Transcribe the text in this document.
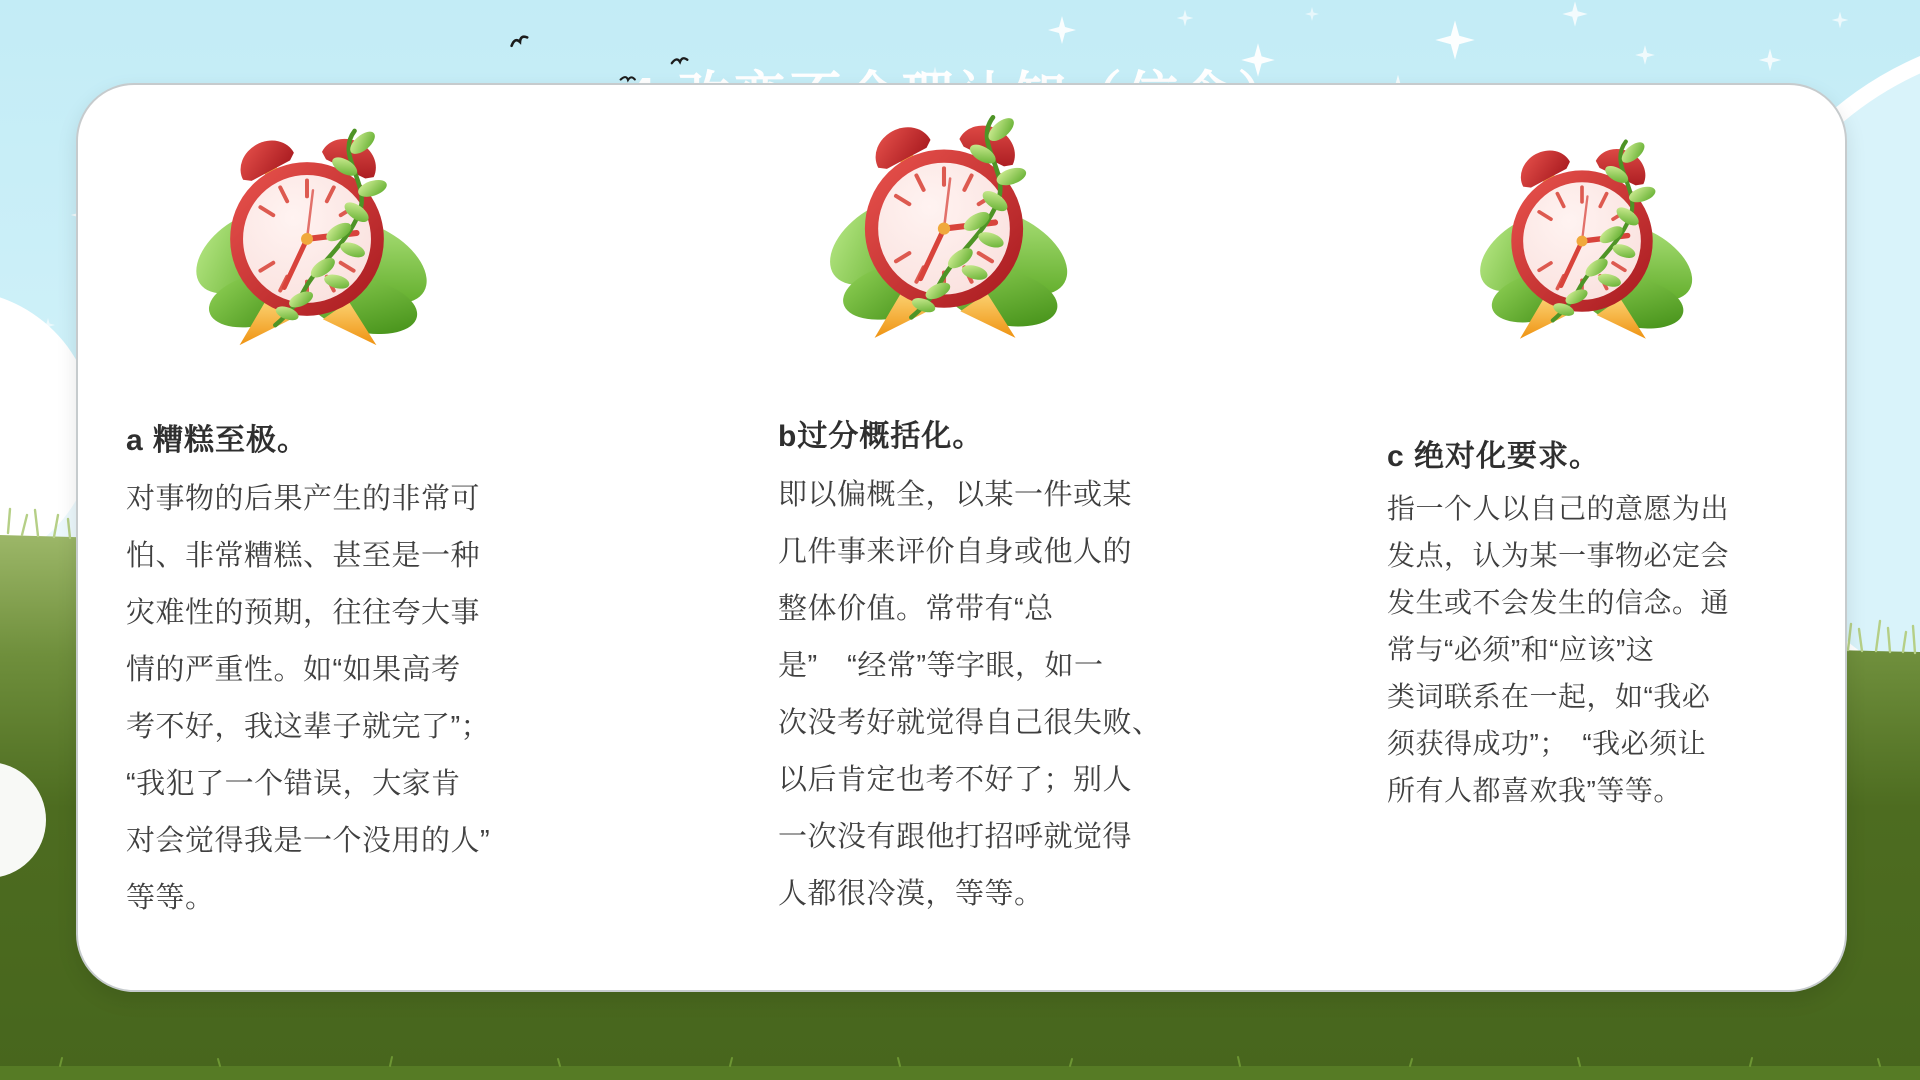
a 糟糕至极。
对事物的后果产生的非常可
怕、非常糟糕、甚至是一种
灾难性的预期，往往夸大事
情的严重性。如“如果高考
考不好，我这辈子就完了”；
“我犯了一个错误，大家肯
对会觉得我是一个没用的人”
等等。
b过分概括化。
即以偏概全，以某一件或某
几件事来评价自身或他人的
整体价值。常带有“总
是”　“经常”等字眼，如一
次没考好就觉得自己很失败、
以后肯定也考不好了；别人
一次没有跟他打招呼就觉得
人都很冷漠，等等。
c 绝对化要求。
指一个人以自己的意愿为出
发点，认为某一事物必定会
发生或不会发生的信念。通
常与“必须”和“应该”这
类词联系在一起，如“我必
须获得成功”；　“我必须让
所有人都喜欢我”等等。
